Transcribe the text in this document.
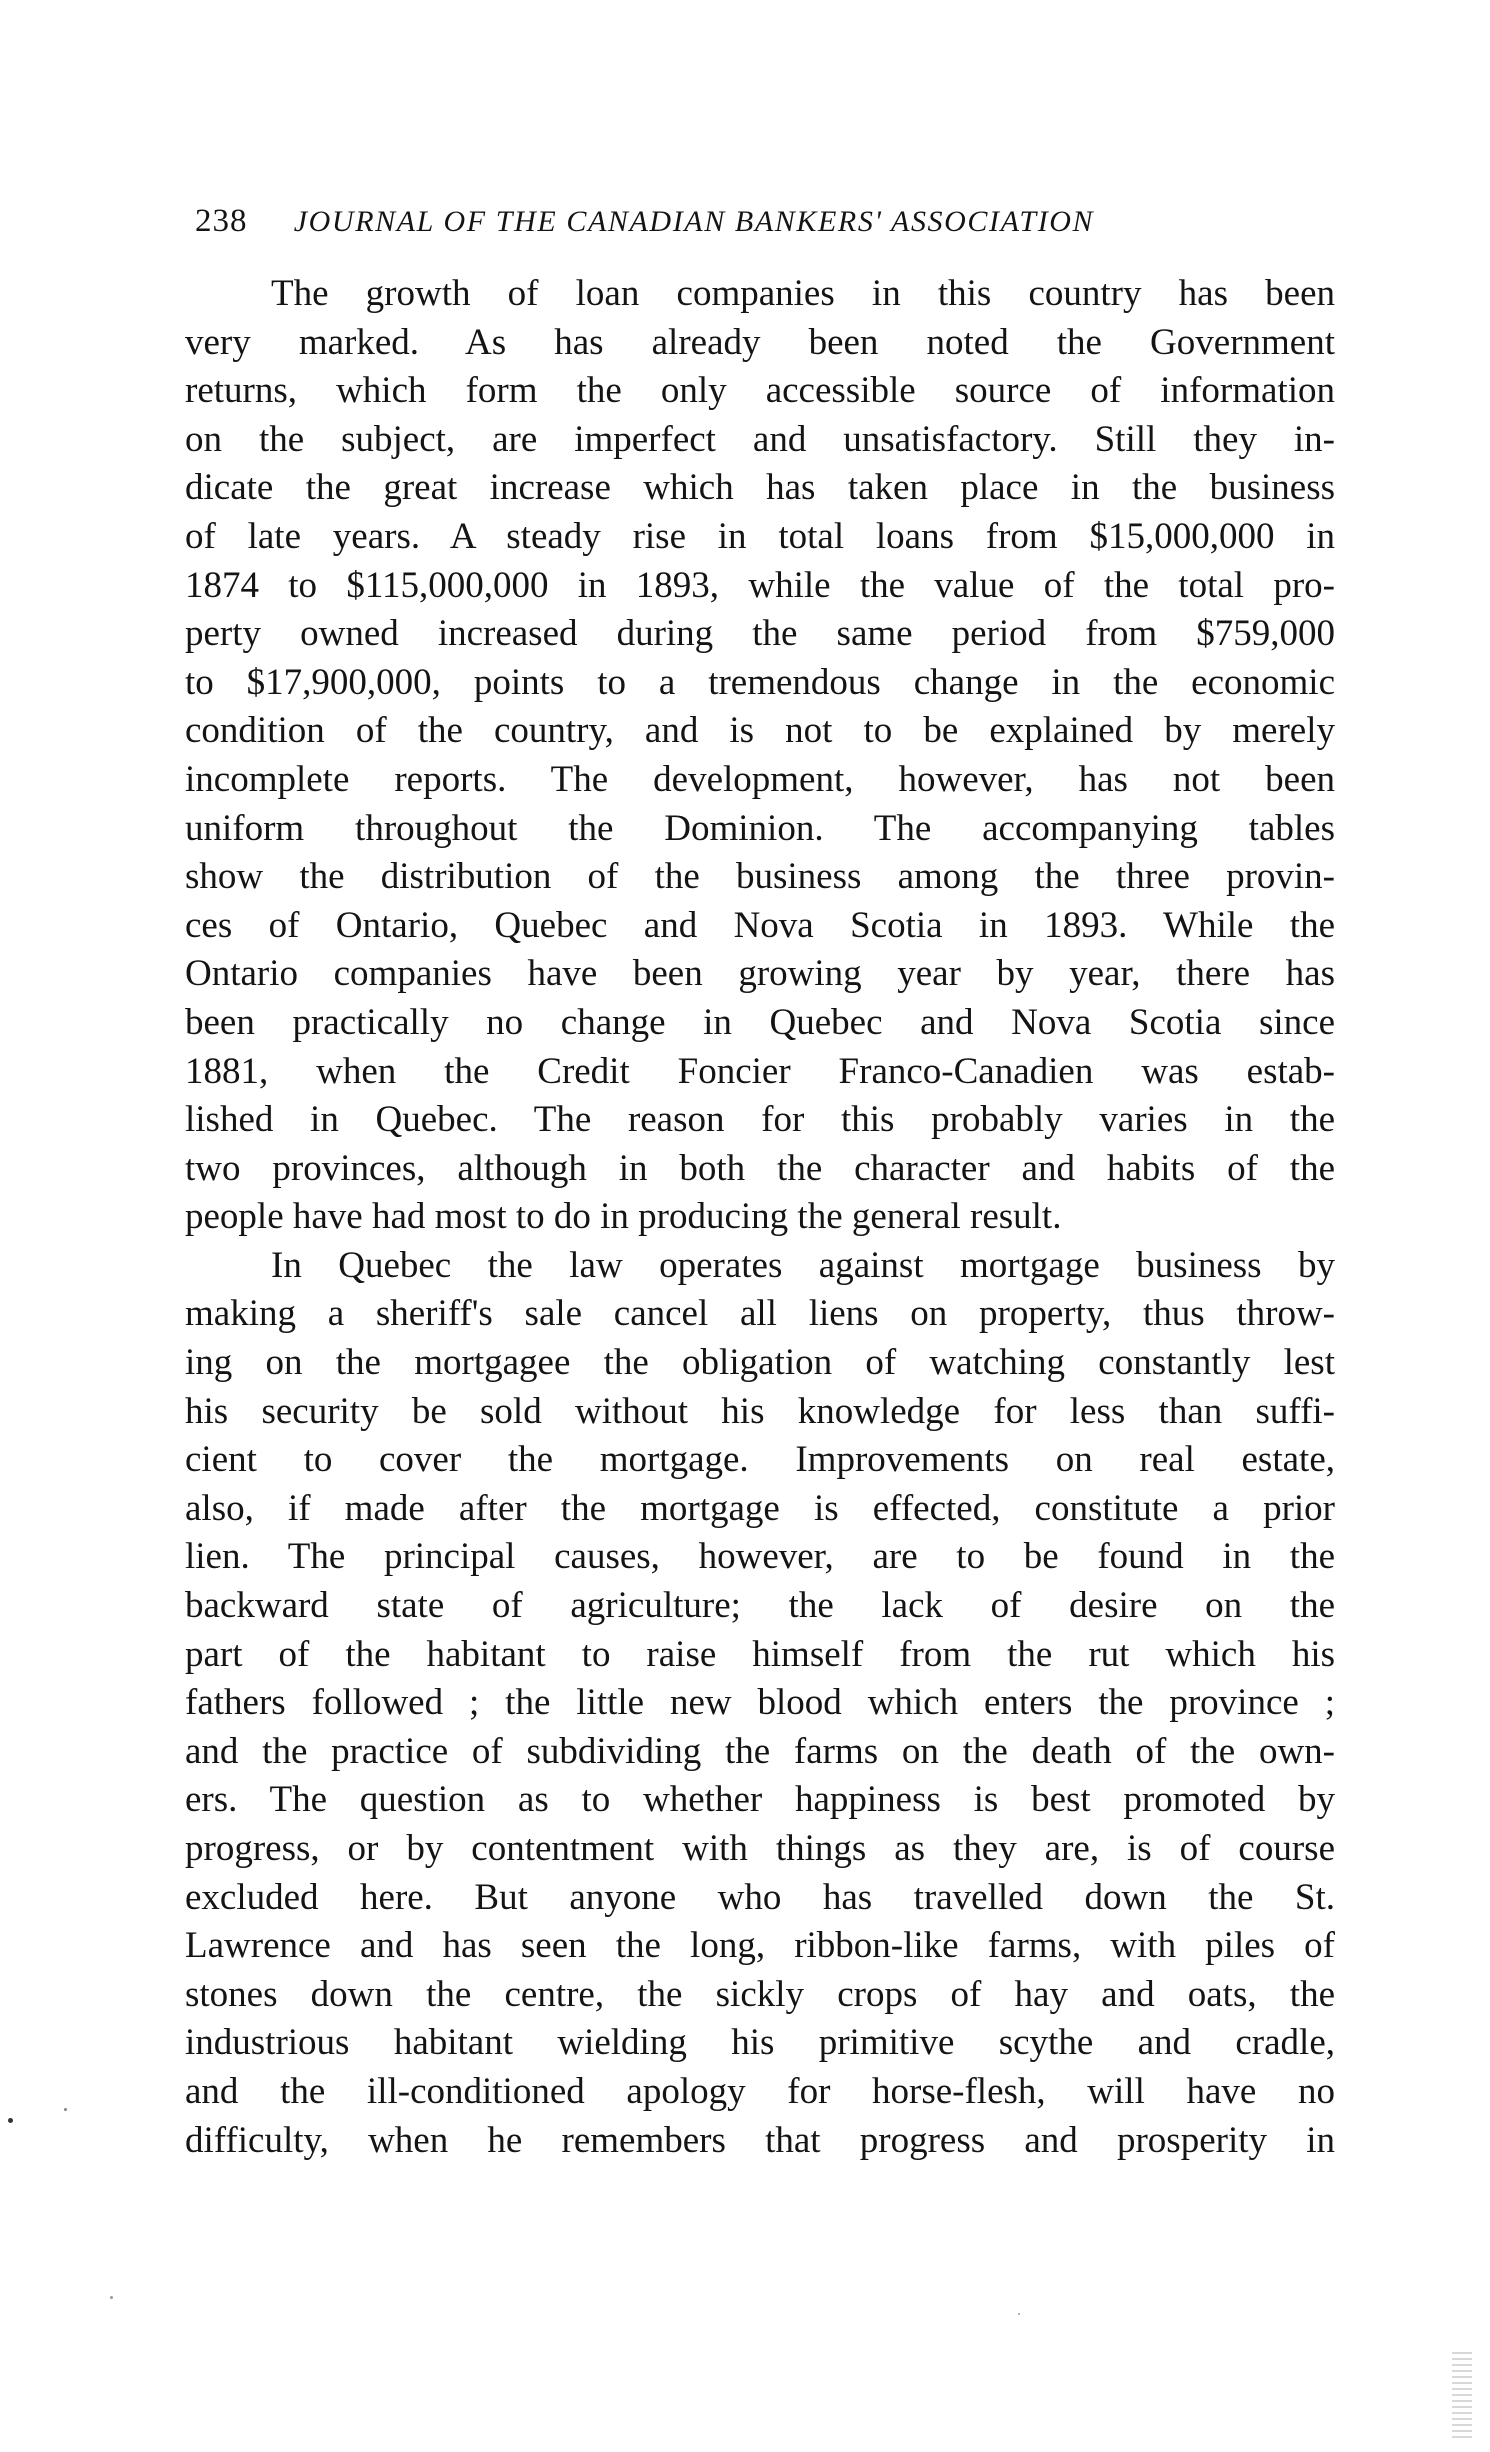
238 JOURNAL OF THE CANADIAN BANKERS' ASSOCIATION
The growth of loan companies in this country has been
very marked. As has already been noted the Government
returns, which form the only accessible source of information
on the subject, are imperfect and unsatisfactory. Still they in-
dicate the great increase which has taken place in the business
of late years. A steady rise in total loans from $15,000,000 in
1874 to $115,000,000 in 1893, while the value of the total pro-
perty owned increased during the same period from $759,000
to $17,900,000, points to a tremendous change in the economic
condition of the country, and is not to be explained by merely
incomplete reports. The development, however, has not been
uniform throughout the Dominion. The accompanying tables
show the distribution of the business among the three provin-
ces of Ontario, Quebec and Nova Scotia in 1893. While the
Ontario companies have been growing year by year, there has
been practically no change in Quebec and Nova Scotia since
1881, when the Credit Foncier Franco-Canadien was estab-
lished in Quebec. The reason for this probably varies in the
two provinces, although in both the character and habits of the
people have had most to do in producing the general result.
In Quebec the law operates against mortgage business by
making a sheriff's sale cancel all liens on property, thus throw-
ing on the mortgagee the obligation of watching constantly lest
his security be sold without his knowledge for less than suffi-
cient to cover the mortgage. Improvements on real estate,
also, if made after the mortgage is effected, constitute a prior
lien. The principal causes, however, are to be found in the
backward state of agriculture; the lack of desire on the
part of the habitant to raise himself from the rut which his
fathers followed ; the little new blood which enters the province ;
and the practice of subdividing the farms on the death of the own-
ers. The question as to whether happiness is best promoted by
progress, or by contentment with things as they are, is of course
excluded here. But anyone who has travelled down the St.
Lawrence and has seen the long, ribbon-like farms, with piles of
stones down the centre, the sickly crops of hay and oats, the
industrious habitant wielding his primitive scythe and cradle,
and the ill-conditioned apology for horse-flesh, will have no
difficulty, when he remembers that progress and prosperity in
